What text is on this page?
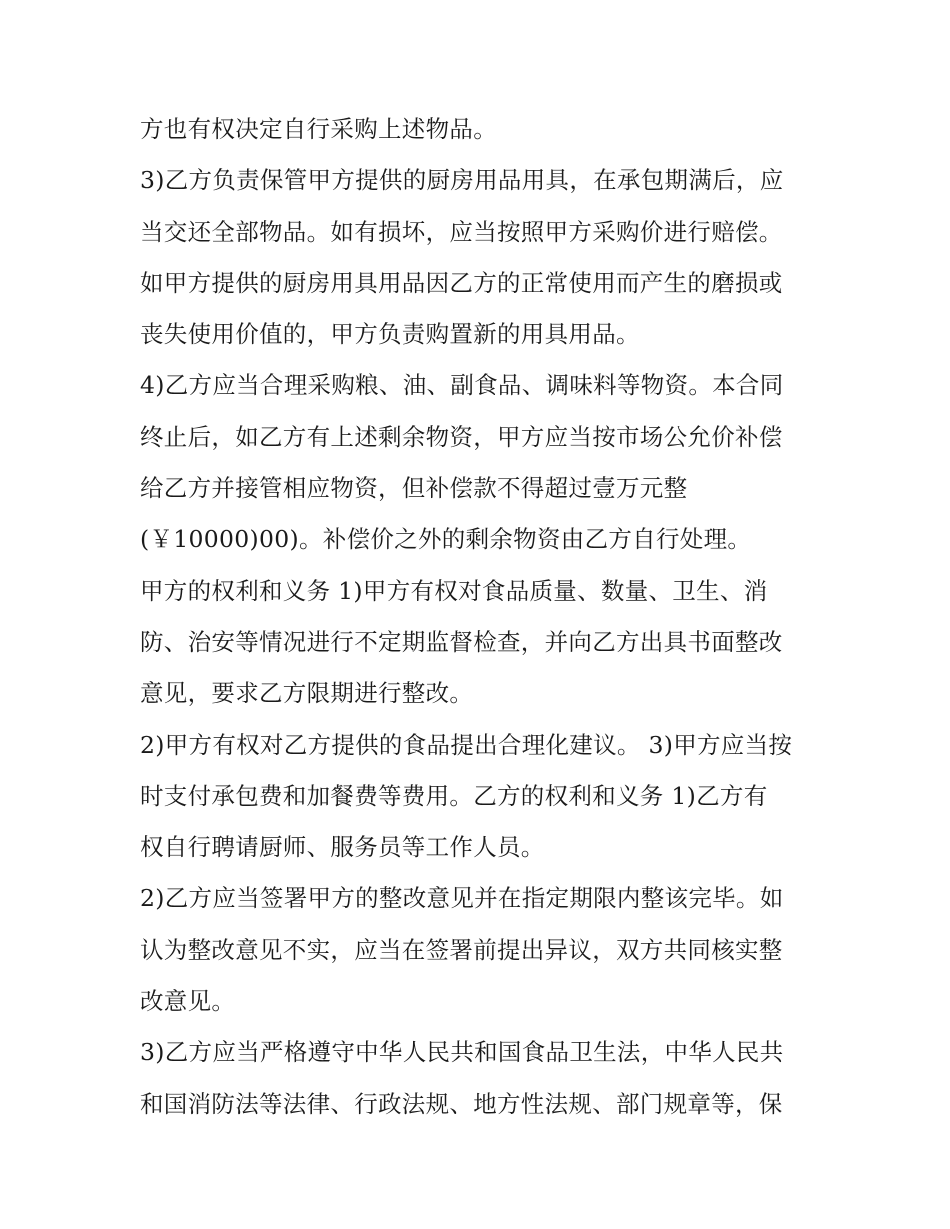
方也有权决定自行采购上述物品。
3)乙方负责保管甲方提供的厨房用品用具，在承包期满后，应
当交还全部物品。如有损坏，应当按照甲方采购价进行赔偿。
如甲方提供的厨房用具用品因乙方的正常使用而产生的磨损或
丧失使用价值的，甲方负责购置新的用具用品。
4)乙方应当合理采购粮、油、副食品、调味料等物资。本合同
终止后，如乙方有上述剩余物资，甲方应当按市场公允价补偿
给乙方并接管相应物资，但补偿款不得超过壹万元整
(￥10000)00)。补偿价之外的剩余物资由乙方自行处理。
甲方的权利和义务 1)甲方有权对食品质量、数量、卫生、消
防、治安等情况进行不定期监督检查，并向乙方出具书面整改
意见，要求乙方限期进行整改。
2)甲方有权对乙方提供的食品提出合理化建议。 3)甲方应当按
时支付承包费和加餐费等费用。乙方的权利和义务 1)乙方有
权自行聘请厨师、服务员等工作人员。
2)乙方应当签署甲方的整改意见并在指定期限内整该完毕。如
认为整改意见不实，应当在签署前提出异议，双方共同核实整
改意见。
3)乙方应当严格遵守中华人民共和国食品卫生法，中华人民共
和国消防法等法律、行政法规、地方性法规、部门规章等，保
